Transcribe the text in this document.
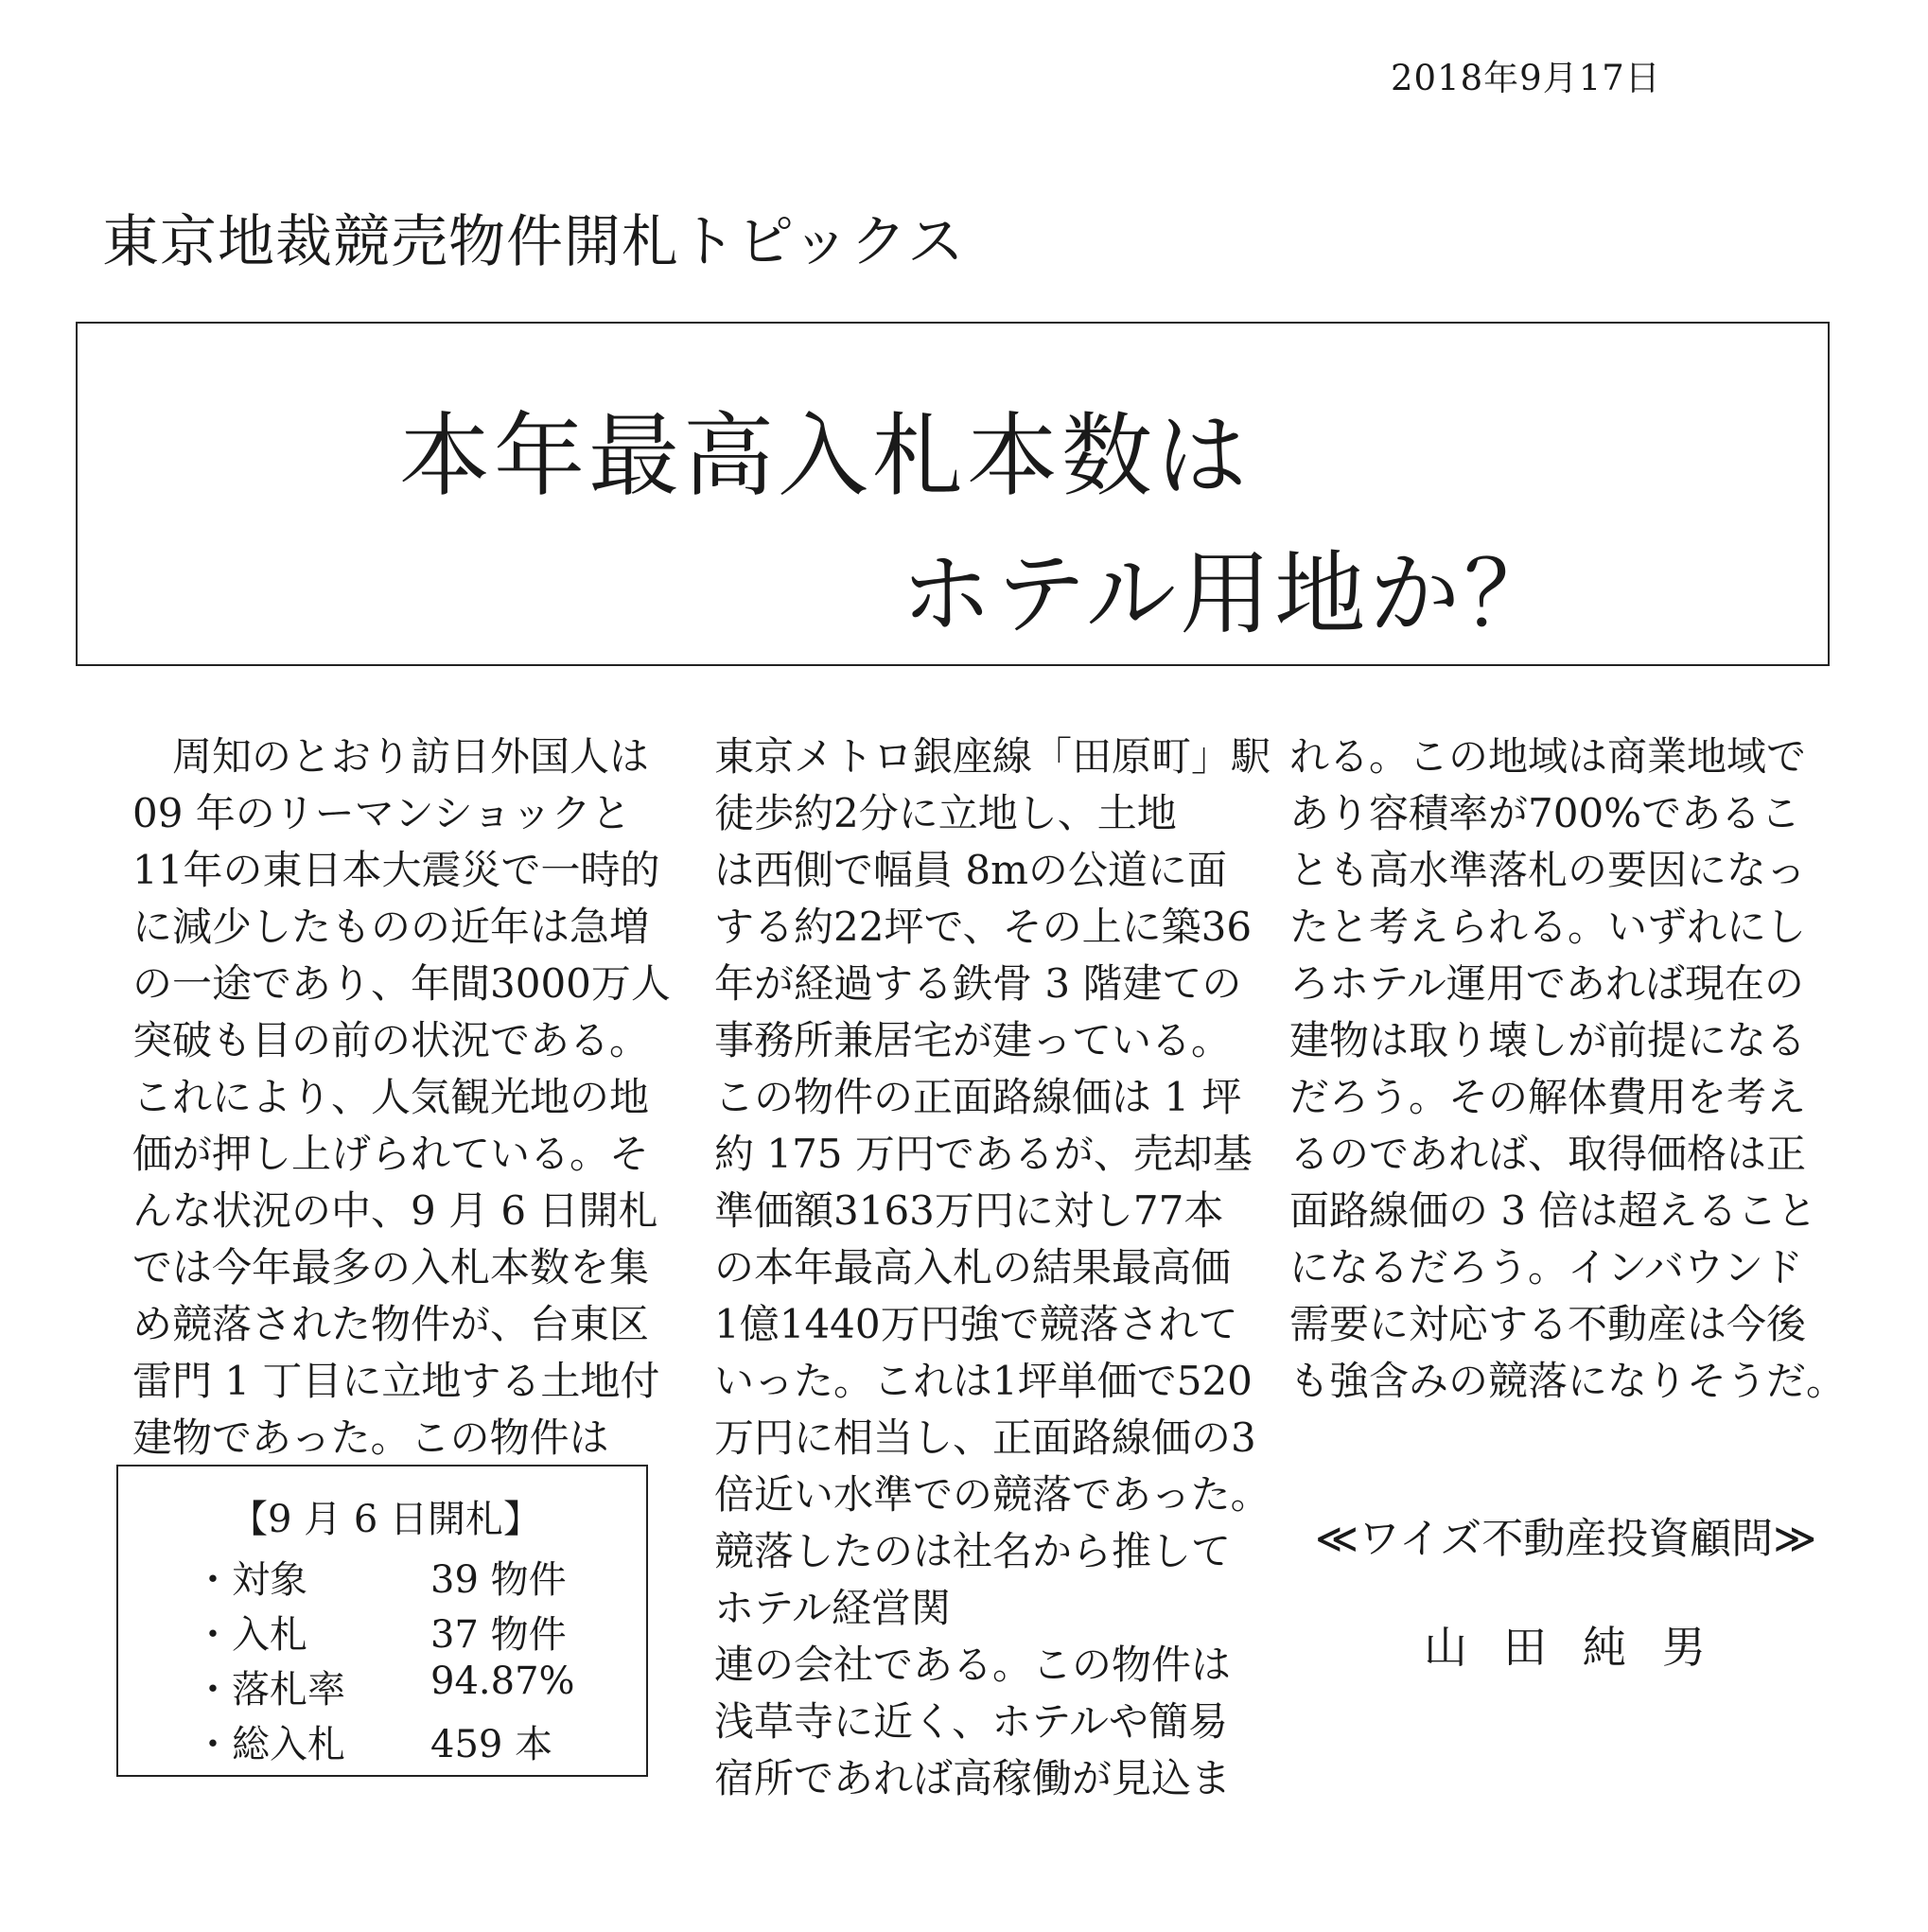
2018年9月17日
東京地裁競売物件開札トピックス
本年最高入札本数は
ホテル用地か？
　周知のとおり訪日外国人は
09 年のリーマンショックと
11年の東日本大震災で一時的
に減少したものの近年は急増
の一途であり、年間3000万人
突破も目の前の状況である。
これにより、人気観光地の地
価が押し上げられている。そ
んな状況の中、9 月 6 日開札
では今年最多の入札本数を集
め競落された物件が、台東区
雷門 1 丁目に立地する土地付
建物であった。この物件は
東京メトロ銀座線「田原町」駅
徒歩約2分に立地し、土地
は西側で幅員 8mの公道に面
する約22坪で、その上に築36
年が経過する鉄骨 3 階建ての
事務所兼居宅が建っている。
この物件の正面路線価は 1 坪
約 175 万円であるが、売却基
準価額3163万円に対し77本
の本年最高入札の結果最高価
1億1440万円強で競落されて
いった。これは1坪単価で520
万円に相当し、正面路線価の3
倍近い水準での競落であった。
競落したのは社名から推して
ホテル経営関
連の会社である。この物件は
浅草寺に近く、ホテルや簡易
宿所であれば高稼働が見込ま
れる。この地域は商業地域で
あり容積率が700%であるこ
とも高水準落札の要因になっ
たと考えられる。いずれにし
ろホテル運用であれば現在の
建物は取り壊しが前提になる
だろう。その解体費用を考え
るのであれば、取得価格は正
面路線価の 3 倍は超えること
になるだろう。インバウンド
需要に対応する不動産は今後
も強含みの競落になりそうだ。
【9 月 6 日開札】
・対象	39 物件
・入札	37 物件
・落札率 94.87%
・総入札 459 本
≪ワイズ不動産投資顧問≫
山田純男
